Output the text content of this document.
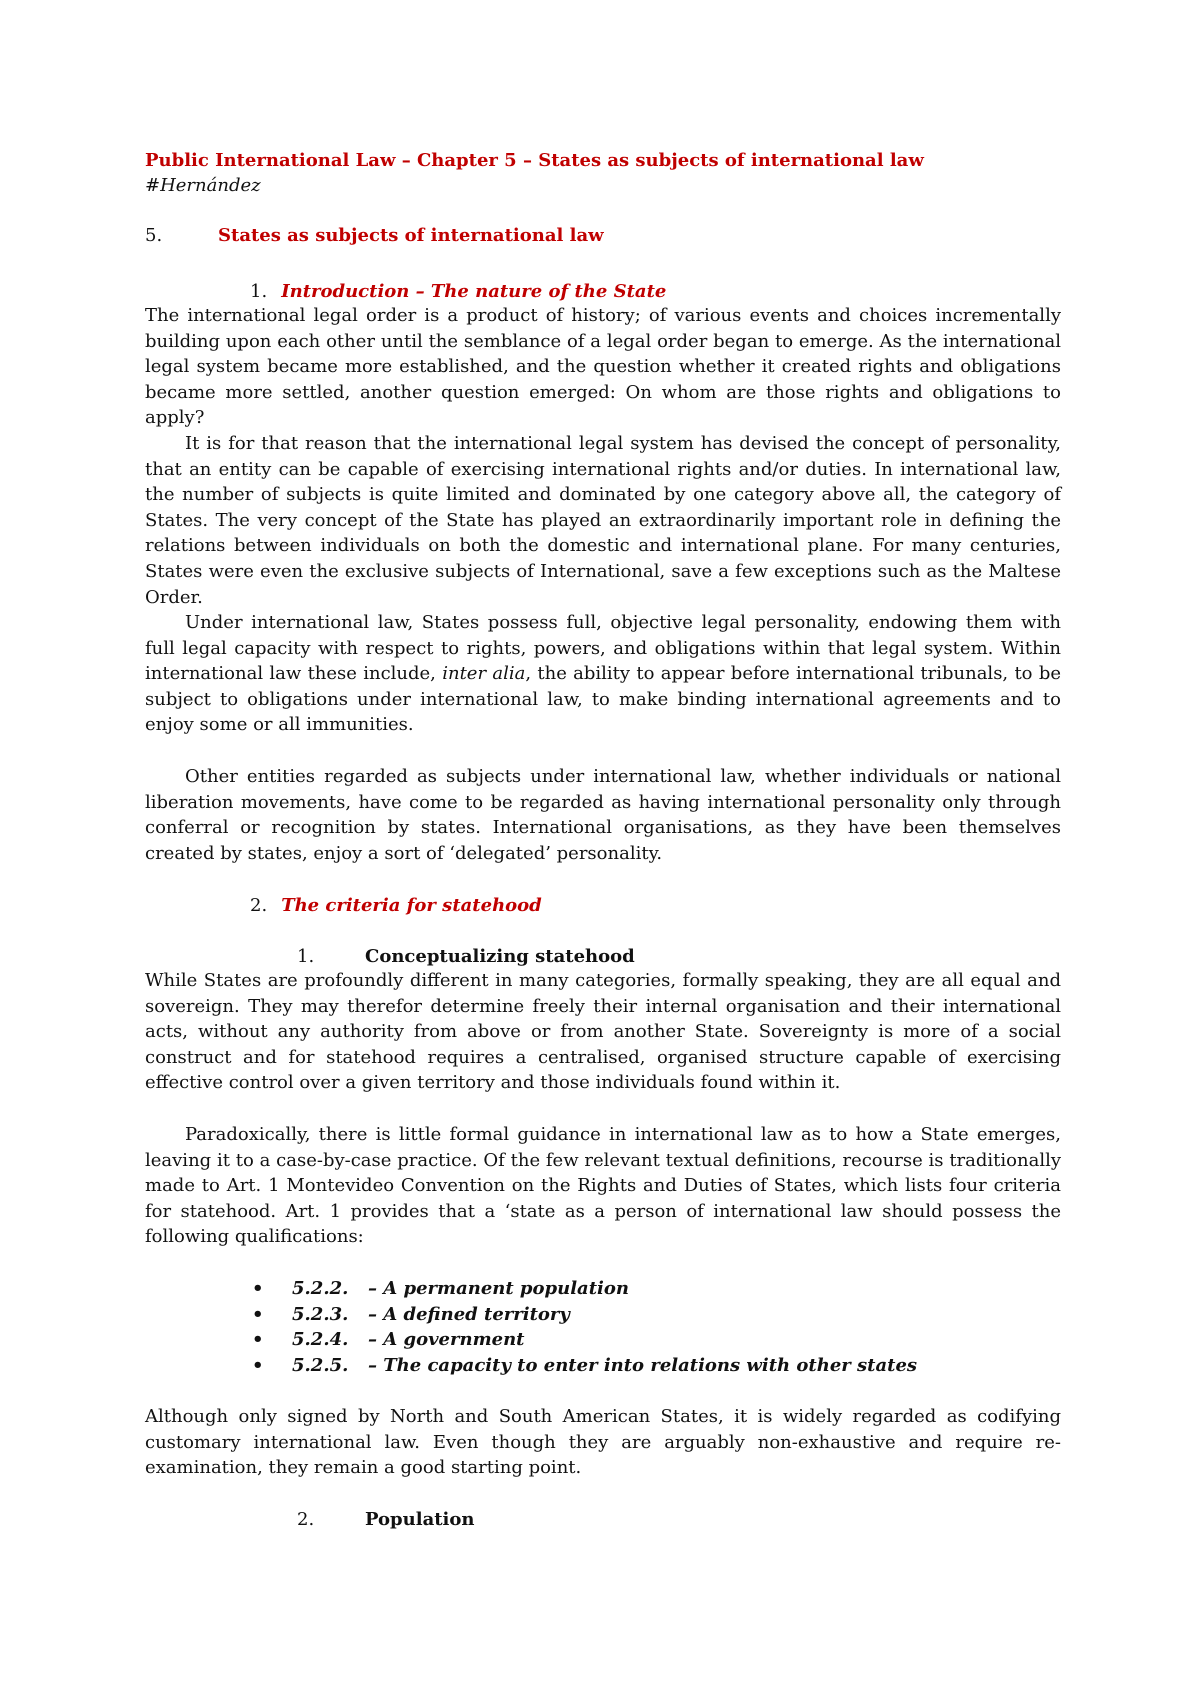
Public International Law – Chapter 5 – States as subjects of international law
#Hernández
5.	States as subjects of international law
1. Introduction – The nature of the State

The international legal order is a product of history; of various events and choices incrementally building upon each other until the semblance of a legal order began to emerge. As the international legal system became more established, and the question whether it created rights and obligations became more settled, another question emerged: On whom are those rights and obligations to apply?

It is for that reason that the international legal system has devised the concept of personality, that an entity can be capable of exercising international rights and/or duties. In international law, the number of subjects is quite limited and dominated by one category above all, the category of States. The very concept of the State has played an extraordinarily important role in defining the relations between individuals on both the domestic and international plane. For many centuries, States were even the exclusive subjects of International, save a few exceptions such as the Maltese Order.

Under international law, States possess full, objective legal personality, endowing them with full legal capacity with respect to rights, powers, and obligations within that legal system. Within international law these include, inter alia, the ability to appear before international tribunals, to be subject to obligations under international law, to make binding international agreements and to enjoy some or all immunities.

Other entities regarded as subjects under international law, whether individuals or national liberation movements, have come to be regarded as having international personality only through conferral or recognition by states. International organisations, as they have been themselves created by states, enjoy a sort of ‘delegated’ personality.

2. The criteria for statehood
1.	Conceptualizing statehood

While States are profoundly different in many categories, formally speaking, they are all equal and sovereign. They may therefor determine freely their internal organisation and their international acts, without any authority from above or from another State. Sovereignty is more of a social construct and for statehood requires a centralised, organised structure capable of exercising effective control over a given territory and those individuals found within it.

Paradoxically, there is little formal guidance in international law as to how a State emerges, leaving it to a case-by-case practice. Of the few relevant textual definitions, recourse is traditionally made to Art. 1 Montevideo Convention on the Rights and Duties of States, which lists four criteria for statehood. Art. 1 provides that a ‘state as a person of international law should possess the following qualifications:

• 5.2.2. – A permanent population
• 5.2.3. – A defined territory
• 5.2.4. – A government
• 5.2.5. – The capacity to enter into relations with other states

Although only signed by North and South American States, it is widely regarded as codifying customary international law. Even though they are arguably non-exhaustive and require re-examination, they remain a good starting point.

2.	Population
